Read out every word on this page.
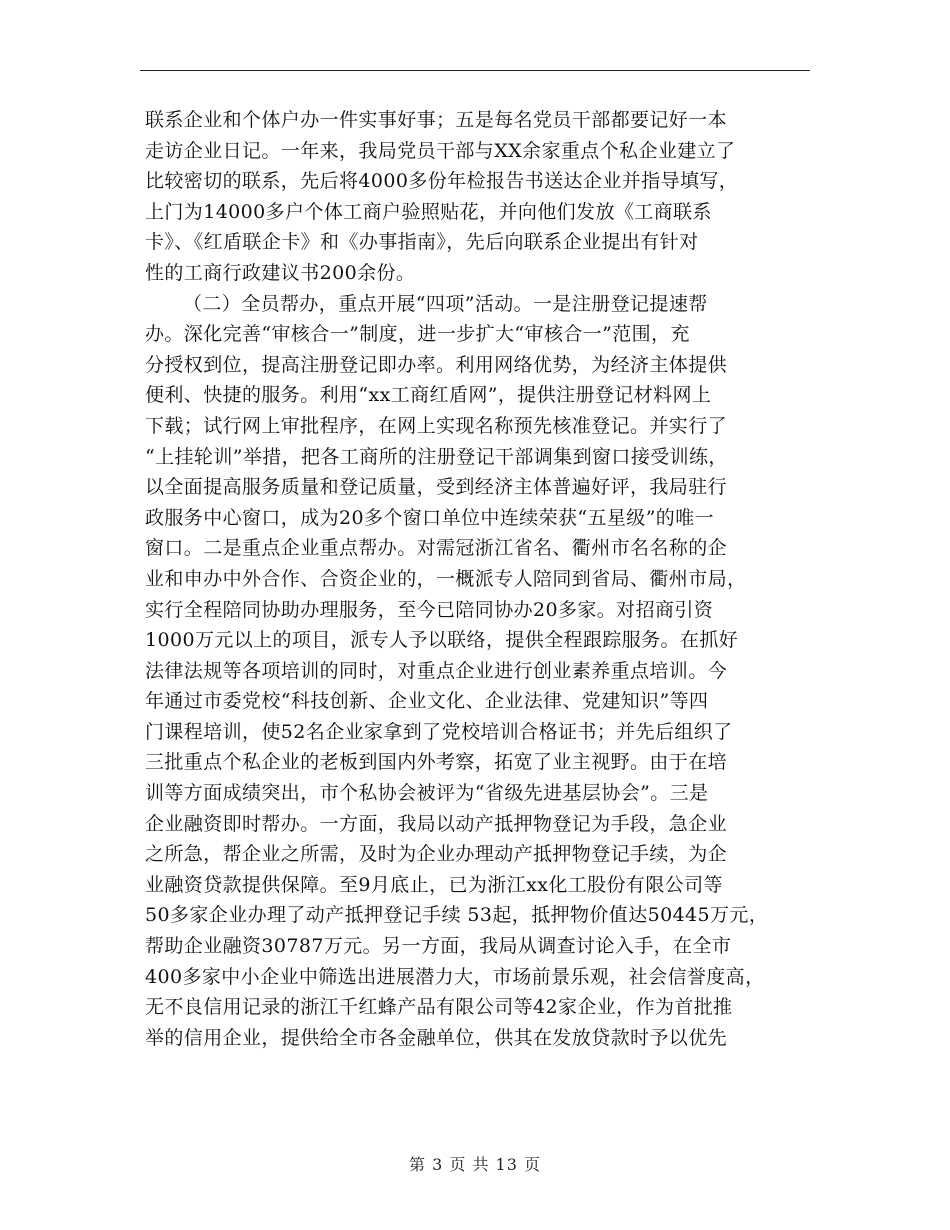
联系企业和个体户办一件实事好事；五是每名党员干部都要记好一本
走访企业日记。一年来，我局党员干部与XX余家重点个私企业建立了
比较密切的联系，先后将4000多份年检报告书送达企业并指导填写，
上门为14000多户个体工商户验照贴花，并向他们发放《工商联系
卡》、《红盾联企卡》和《办事指南》，先后向联系企业提出有针对
性的工商行政建议书200余份。
（二）全员帮办，重点开展“四项”活动。一是注册登记提速帮
办。深化完善“审核合一”制度，进一步扩大“审核合一”范围，充
分授权到位，提高注册登记即办率。利用网络优势，为经济主体提供
便利、快捷的服务。利用“xx工商红盾网”，提供注册登记材料网上
下载；试行网上审批程序，在网上实现名称预先核准登记。并实行了
“上挂轮训”举措，把各工商所的注册登记干部调集到窗口接受训练，
以全面提高服务质量和登记质量，受到经济主体普遍好评，我局驻行
政服务中心窗口，成为20多个窗口单位中连续荣获“五星级”的唯一
窗口。二是重点企业重点帮办。对需冠浙江省名、衢州市名名称的企
业和申办中外合作、合资企业的，一概派专人陪同到省局、衢州市局，
实行全程陪同协助办理服务，至今已陪同协办20多家。对招商引资
1000万元以上的项目，派专人予以联络，提供全程跟踪服务。在抓好
法律法规等各项培训的同时，对重点企业进行创业素养重点培训。今
年通过市委党校“科技创新、企业文化、企业法律、党建知识”等四
门课程培训，使52名企业家拿到了党校培训合格证书；并先后组织了
三批重点个私企业的老板到国内外考察，拓宽了业主视野。由于在培
训等方面成绩突出，市个私协会被评为“省级先进基层协会”。三是
企业融资即时帮办。一方面，我局以动产抵押物登记为手段，急企业
之所急，帮企业之所需，及时为企业办理动产抵押物登记手续，为企
业融资贷款提供保障。至9月底止，已为浙江xx化工股份有限公司等
50多家企业办理了动产抵押登记手续 53起，抵押物价值达50445万元，
帮助企业融资30787万元。另一方面，我局从调查讨论入手，在全市
400多家中小企业中筛选出进展潜力大，市场前景乐观，社会信誉度高，
无不良信用记录的浙江千红蜂产品有限公司等42家企业，作为首批推
举的信用企业，提供给全市各金融单位，供其在发放贷款时予以优先
第 3 页 共 13 页
